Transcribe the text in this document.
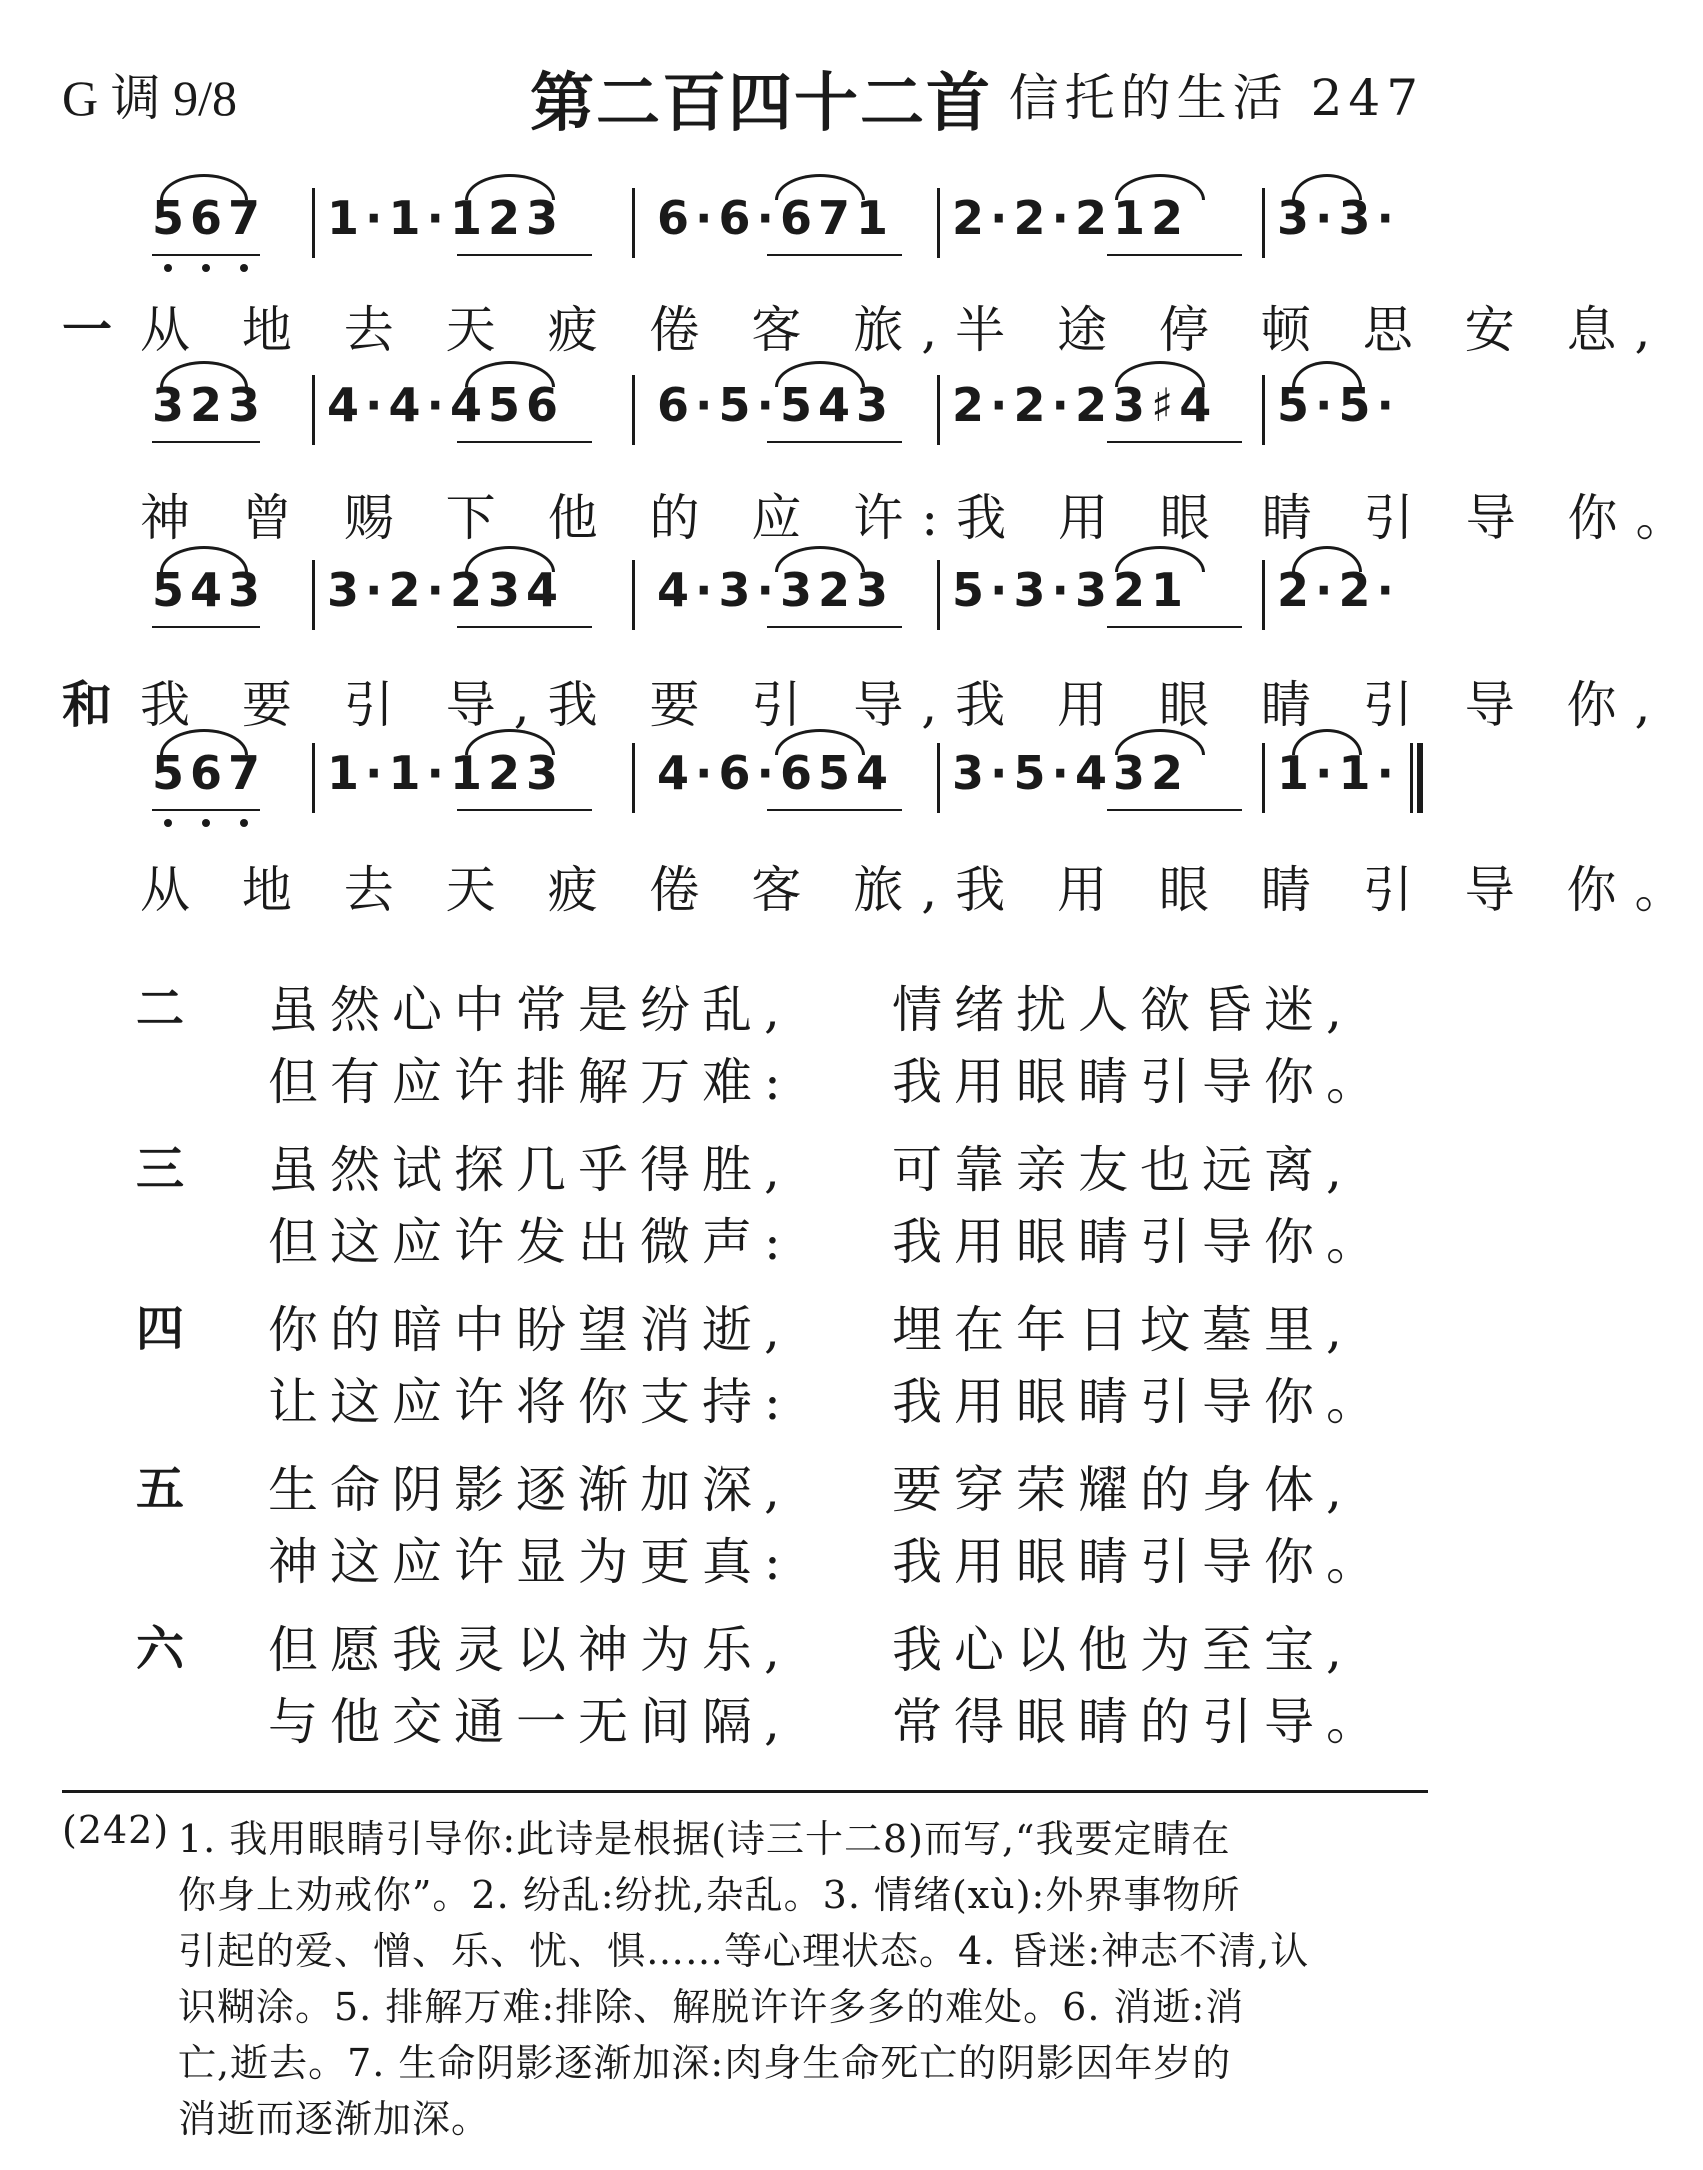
G 调 9/8	第二百四十二首 信托的生活 247
567 1·1·123 6·6·671 2·2·212 3·3·
从 地 去 天 疲 倦 客 旅,半 途 停 顿 思 安 息,
一
323 4·4·456 6·5·543 2·2·23♯4 5·5·
神 曾 赐 下 他 的 应 许:我 用 眼 睛 引 导 你。
543 3·2·234 4·3·323 5·3·321 2·2·
我 要 引 导,我 要 引 导,我 用 眼 睛 引 导 你,
和
567 1·1·123 4·6·654 3·5·432 1·1·
从 地 去 天 疲 倦 客 旅,我 用 眼 睛 引 导 你。
二 虽然心中常是纷乱, 情绪扰人欲昏迷,
但有应许排解万难: 我用眼睛引导你。
三 虽然试探几乎得胜, 可靠亲友也远离,
但这应许发出微声: 我用眼睛引导你。
四 你的暗中盼望消逝, 埋在年日坟墓里,
让这应许将你支持: 我用眼睛引导你。
五 生命阴影逐渐加深, 要穿荣耀的身体,
神这应许显为更真: 我用眼睛引导你。
六 但愿我灵以神为乐, 我心以他为至宝,
与他交通一无间隔, 常得眼睛的引导。
(242) 1. 我用眼睛引导你:此诗是根据(诗三十二8)而写,“我要定睛在
你身上劝戒你”。2. 纷乱:纷扰,杂乱。3. 情绪(xù):外界事物所
引起的爱、憎、乐、忧、惧……等心理状态。4. 昏迷:神志不清,认
识糊涂。5. 排解万难:排除、解脱许许多多的难处。6. 消逝:消
亡,逝去。7. 生命阴影逐渐加深:肉身生命死亡的阴影因年岁的
消逝而逐渐加深。
